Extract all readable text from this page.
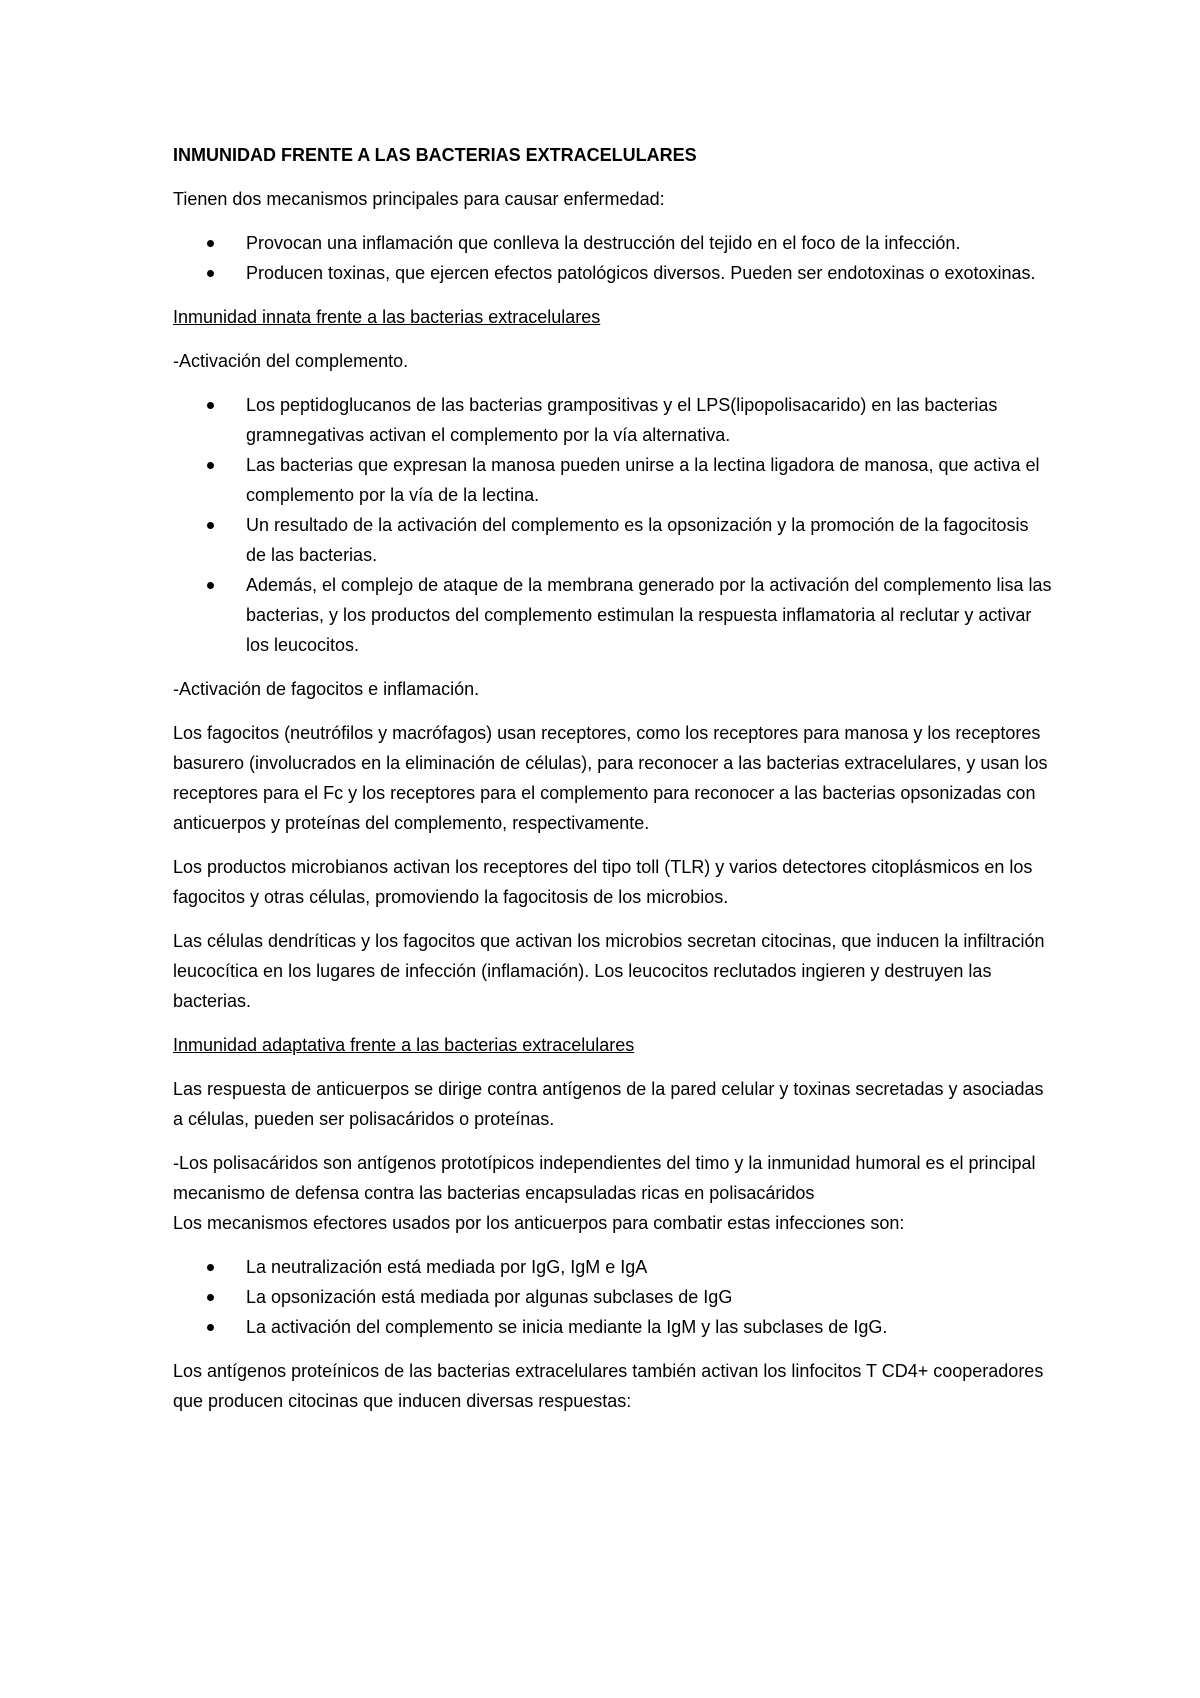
INMUNIDAD FRENTE A LAS BACTERIAS EXTRACELULARES
Tienen dos mecanismos principales para causar enfermedad:
Provocan una inflamación que conlleva la destrucción del tejido en el foco de la infección.
Producen toxinas, que ejercen efectos patológicos diversos. Pueden ser endotoxinas o exotoxinas.
Inmunidad innata frente a las bacterias extracelulares
-Activación del complemento.
Los peptidoglucanos de las bacterias grampositivas y el LPS(lipopolisacarido) en las bacterias gramnegativas activan el complemento por la vía alternativa.
Las bacterias que expresan la manosa pueden unirse a la lectina ligadora de manosa, que activa el complemento por la vía de la lectina.
Un resultado de la activación del complemento es la opsonización y la promoción de la fagocitosis de las bacterias.
Además, el complejo de ataque de la membrana generado por la activación del complemento lisa las bacterias, y los productos del complemento estimulan la respuesta inflamatoria al reclutar y activar los leucocitos.
-Activación de fagocitos e inflamación.
Los fagocitos (neutrófilos y macrófagos) usan receptores, como los receptores para manosa y los receptores basurero (involucrados en la eliminación de células), para reconocer a las bacterias extracelulares, y usan los receptores para el Fc y los receptores para el complemento para reconocer a las bacterias opsonizadas con anticuerpos y proteínas del complemento, respectivamente.
Los productos microbianos activan los receptores del tipo toll (TLR) y varios detectores citoplásmicos en los fagocitos y otras células, promoviendo la fagocitosis de los microbios.
Las células dendríticas y los fagocitos que activan los microbios secretan citocinas, que inducen la infiltración leucocítica en los lugares de infección (inflamación). Los leucocitos reclutados ingieren y destruyen las bacterias.
Inmunidad adaptativa frente a las bacterias extracelulares
Las respuesta de anticuerpos se dirige contra antígenos de la pared celular y toxinas secretadas y asociadas a células, pueden ser polisacáridos o proteínas.
-Los polisacáridos son antígenos prototípicos independientes del timo y la inmunidad humoral es el principal mecanismo de defensa contra las bacterias encapsuladas ricas en polisacáridos
Los mecanismos efectores usados por los anticuerpos para combatir estas infecciones son:
La neutralización está mediada por IgG, IgM e IgA
La opsonización está mediada por algunas subclases de IgG
La activación del complemento se inicia mediante la IgM y las subclases de IgG.
Los antígenos proteínicos de las bacterias extracelulares también activan los linfocitos T CD4+ cooperadores que producen citocinas que inducen diversas respuestas:
